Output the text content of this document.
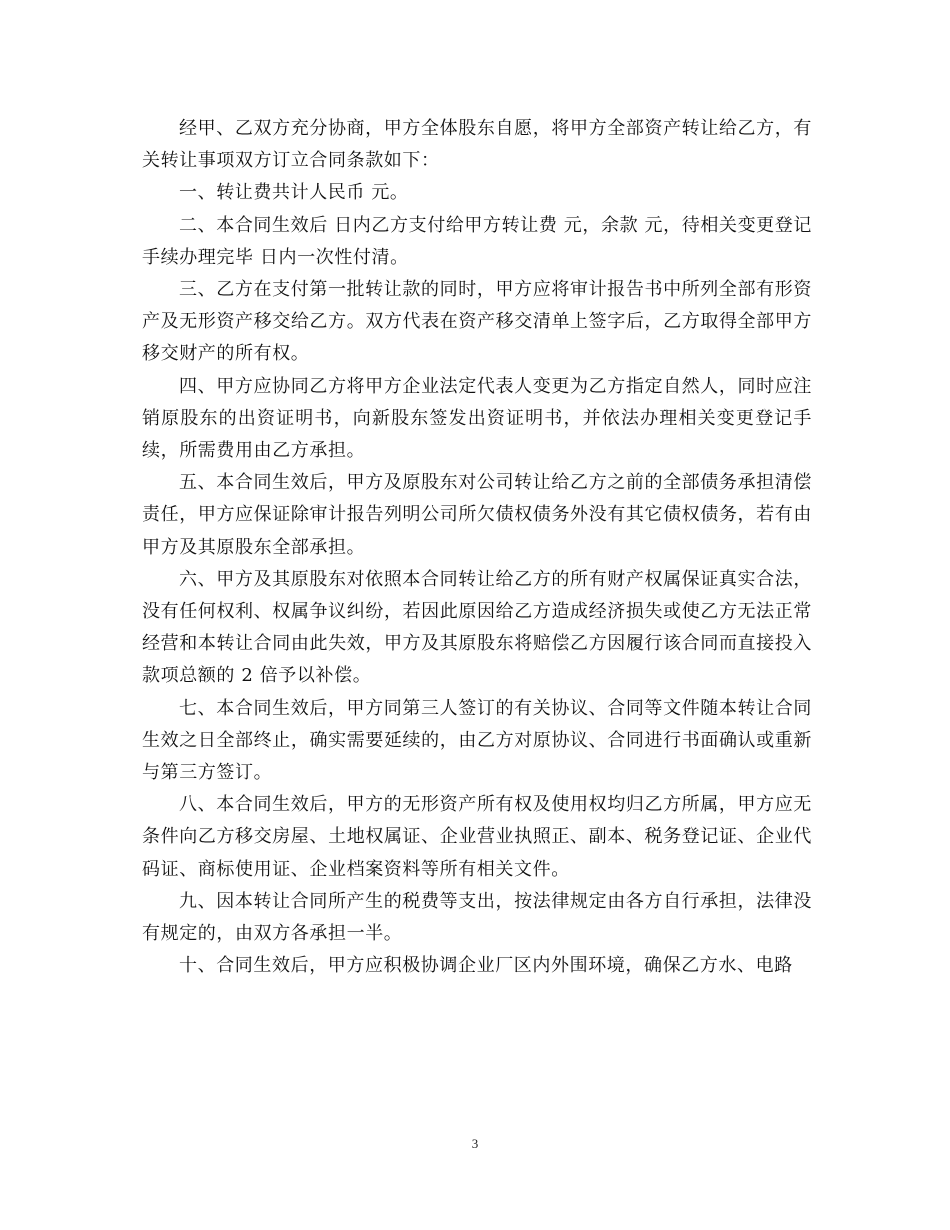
经甲、乙双方充分协商，甲方全体股东自愿，将甲方全部资产转让给乙方，有关转让事项双方订立合同条款如下：

一、转让费共计人民币 元。

二、本合同生效后 日内乙方支付给甲方转让费 元，余款 元，待相关变更登记手续办理完毕 日内一次性付清。

三、乙方在支付第一批转让款的同时，甲方应将审计报告书中所列全部有形资产及无形资产移交给乙方。双方代表在资产移交清单上签字后，乙方取得全部甲方移交财产的所有权。

四、甲方应协同乙方将甲方企业法定代表人变更为乙方指定自然人，同时应注销原股东的出资证明书，向新股东签发出资证明书，并依法办理相关变更登记手续，所需费用由乙方承担。

五、本合同生效后，甲方及原股东对公司转让给乙方之前的全部债务承担清偿责任，甲方应保证除审计报告列明公司所欠债权债务外没有其它债权债务，若有由甲方及其原股东全部承担。

六、甲方及其原股东对依照本合同转让给乙方的所有财产权属保证真实合法，没有任何权利、权属争议纠纷，若因此原因给乙方造成经济损失或使乙方无法正常经营和本转让合同由此失效，甲方及其原股东将赔偿乙方因履行该合同而直接投入款项总额的 2 倍予以补偿。

七、本合同生效后，甲方同第三人签订的有关协议、合同等文件随本转让合同生效之日全部终止，确实需要延续的，由乙方对原协议、合同进行书面确认或重新与第三方签订。

八、本合同生效后，甲方的无形资产所有权及使用权均归乙方所属，甲方应无条件向乙方移交房屋、土地权属证、企业营业执照正、副本、税务登记证、企业代码证、商标使用证、企业档案资料等所有相关文件。

九、因本转让合同所产生的税费等支出，按法律规定由各方自行承担，法律没有规定的，由双方各承担一半。

十、合同生效后，甲方应积极协调企业厂区内外围环境，确保乙方水、电路

3
